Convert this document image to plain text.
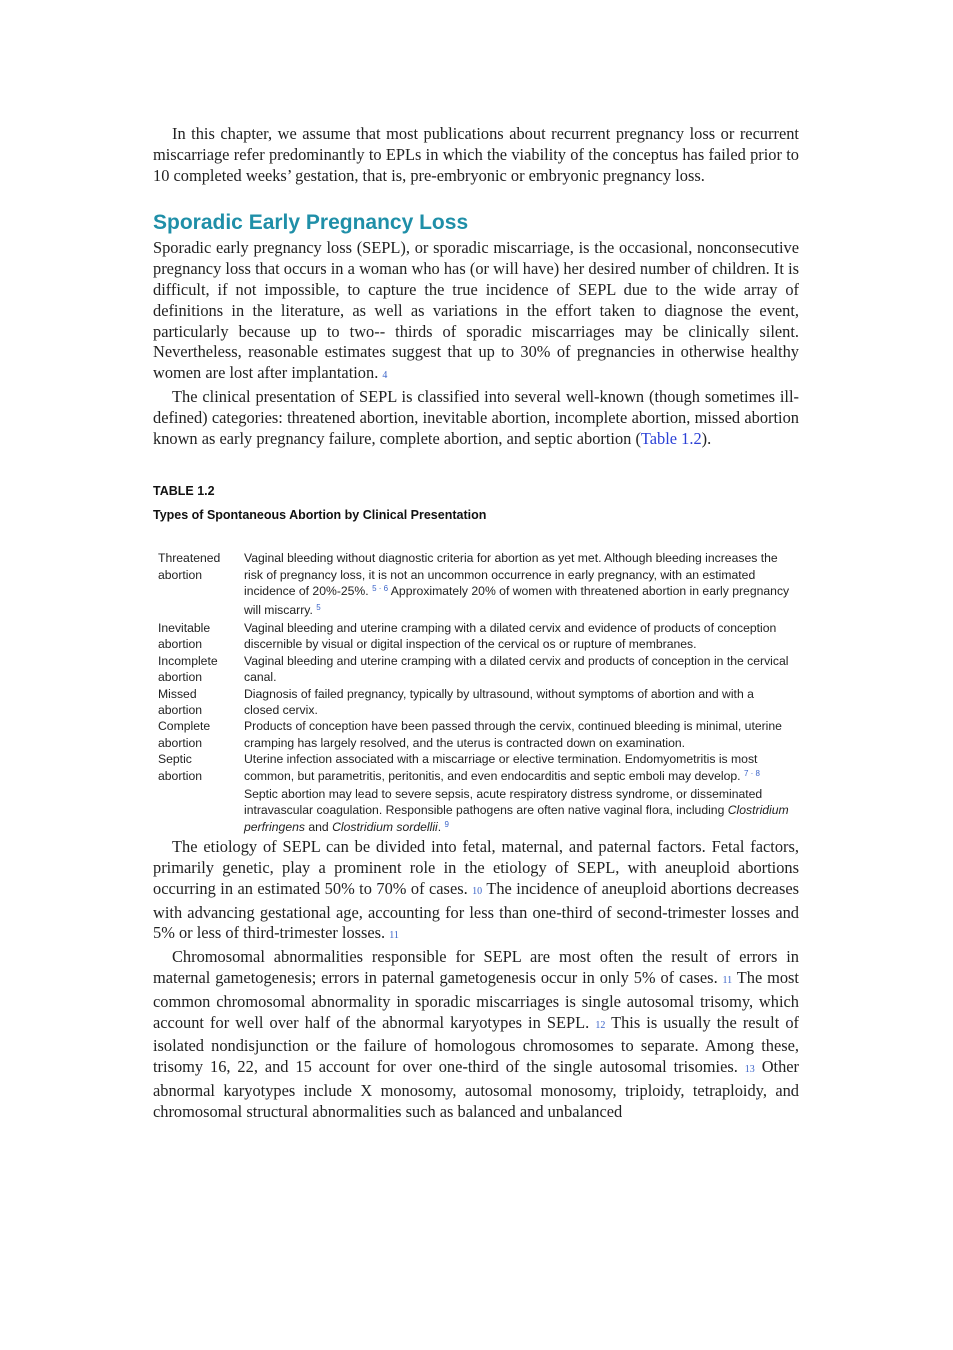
In this chapter, we assume that most publications about recurrent pregnancy loss or recurrent miscarriage refer predominantly to EPLs in which the viability of the conceptus has failed prior to 10 completed weeks’ gestation, that is, pre-embryonic or embryonic pregnancy loss.

Sporadic Early Pregnancy Loss

Sporadic early pregnancy loss (SEPL), or sporadic miscarriage, is the occasional, nonconsecutive pregnancy loss that occurs in a woman who has (or will have) her desired number of children. It is difficult, if not impossible, to capture the true incidence of SEPL due to the wide array of definitions in the literature, as well as variations in the effort taken to diagnose the event, particularly because up to two-- thirds of sporadic miscarriages may be clinically silent. Nevertheless, reasonable estimates suggest that up to 30% of pregnancies in otherwise healthy women are lost after implantation. 4

The clinical presentation of SEPL is classified into several well-known (though sometimes ill-defined) categories: threatened abortion, inevitable abortion, incomplete abortion, missed abortion known as early pregnancy failure, complete abortion, and septic abortion (Table 1.2).

TABLE 1.2

Types of Spontaneous Abortion by Clinical Presentation

Threatened
abortion	Vaginal bleeding without diagnostic criteria for abortion as yet met. Although bleeding increases the risk of pregnancy loss, it is not an uncommon occurrence in early pregnancy, with an estimated incidence of 20%-25%. $^{5 \cdot 6}$ Approximately 20% of women with threatened abortion in early pregnancy will miscarry. $^5$
Inevitable
abortion	Vaginal bleeding and uterine cramping with a dilated cervix and evidence of products of conception discernible by visual or digital inspection of the cervical os or rupture of membranes.
Incomplete
abortion	Vaginal bleeding and uterine cramping with a dilated cervix and products of conception in the cervical canal.
Missed
abortion	Diagnosis of failed pregnancy, typically by ultrasound, without symptoms of abortion and with a closed cervix.
Complete
abortion	Products of conception have been passed through the cervix, continued bleeding is minimal, uterine cramping has largely resolved, and the uterus is contracted down on examination.
Septic
abortion	Uterine infection associated with a miscarriage or elective termination. Endomyometritis is most common, but parametritis, peritonitis, and even endocarditis and septic emboli may develop. $^{7 \cdot 8}$ Septic abortion may lead to severe sepsis, acute respiratory distress syndrome, or disseminated intravascular coagulation. Responsible pathogens are often native vaginal flora, including Clostridium perfringens and Clostridium sordellii. $^9$

The etiology of SEPL can be divided into fetal, maternal, and paternal factors. Fetal factors, primarily genetic, play a prominent role in the etiology of SEPL, with aneuploid abortions occurring in an estimated 50% to 70% of cases. 10 The incidence of aneuploid abortions decreases with advancing gestational age, accounting for less than one-third of second-trimester losses and 5% or less of third-trimester losses. 11

Chromosomal abnormalities responsible for SEPL are most often the result of errors in maternal gametogenesis; errors in paternal gametogenesis occur in only 5% of cases. 11 The most common chromosomal abnormality in sporadic miscarriages is single autosomal trisomy, which account for well over half of the abnormal karyotypes in SEPL. 12 This is usually the result of isolated nondisjunction or the failure of homologous chromosomes to separate. Among these, trisomy 16, 22, and 15 account for over one-third of the single autosomal trisomies. 13 Other abnormal karyotypes include X monosomy, autosomal monosomy, triploidy, tetraploidy, and chromosomal structural abnormalities such as balanced and unbalanced
